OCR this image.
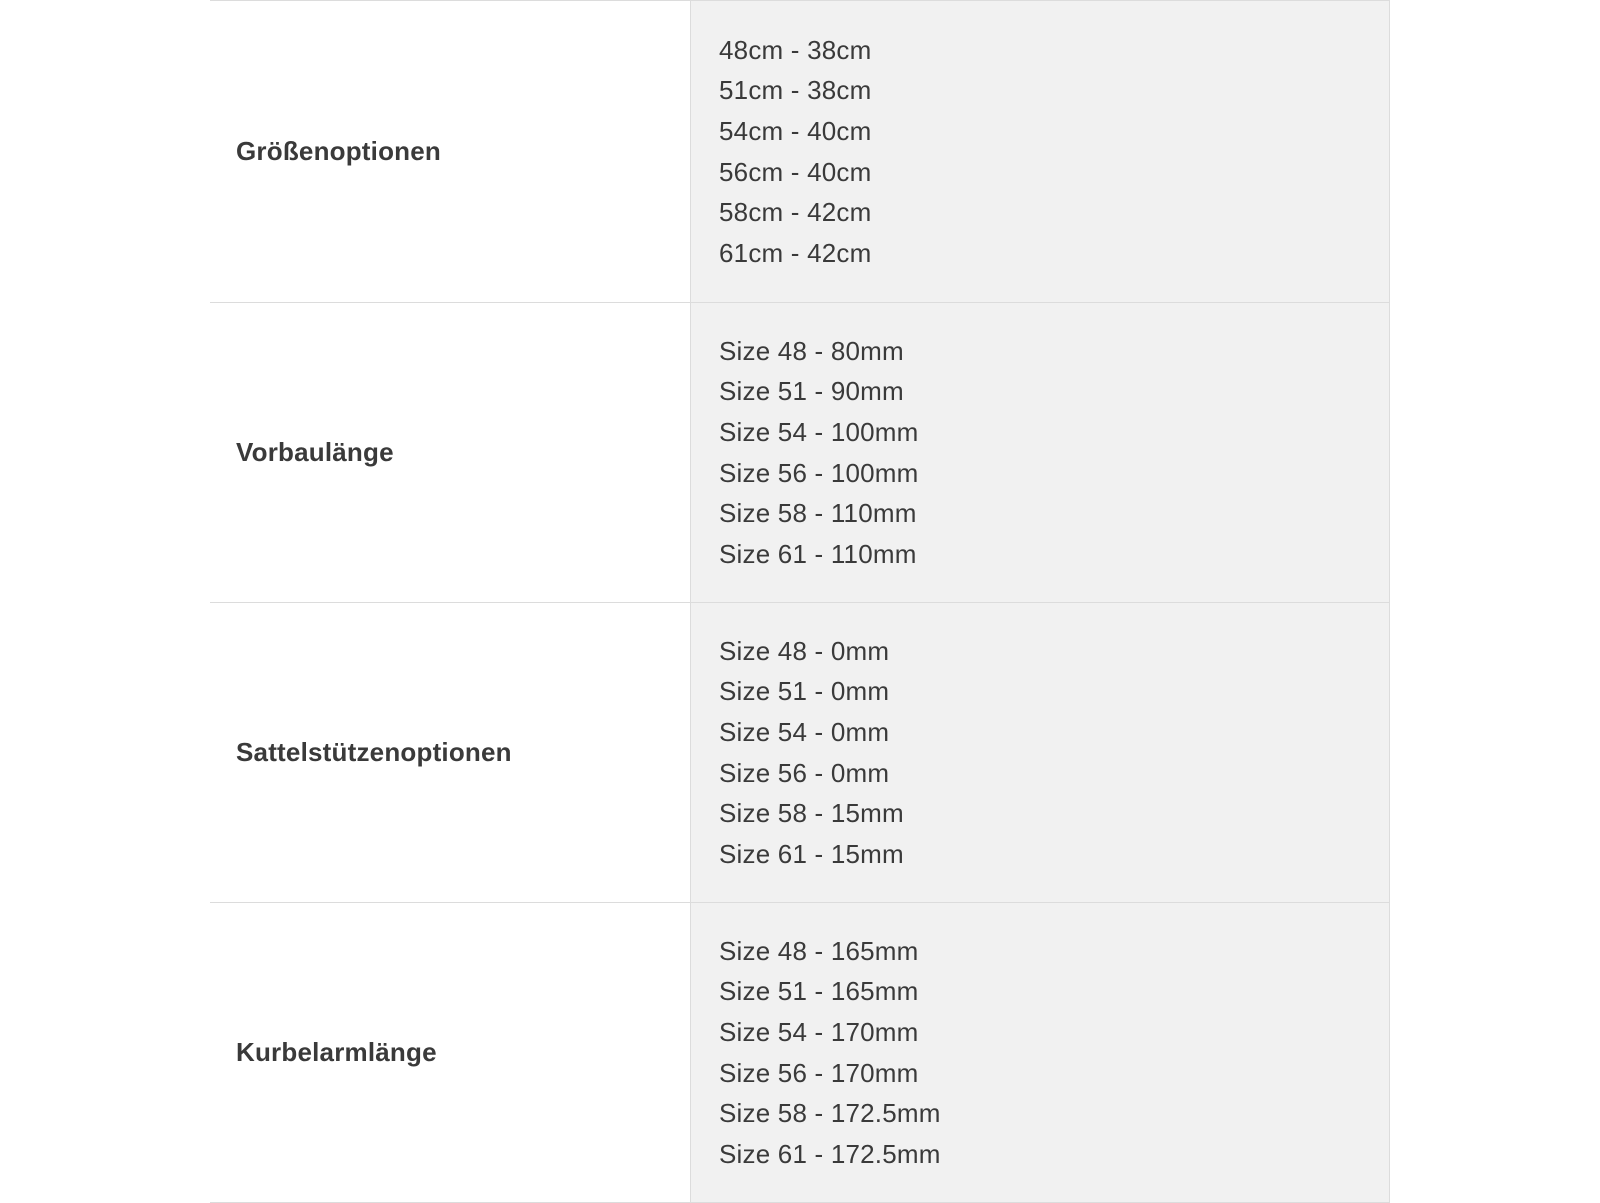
Größenoptionen
48cm - 38cm
51cm - 38cm
54cm - 40cm
56cm - 40cm
58cm - 42cm
61cm - 42cm
Vorbaulänge
Size 48 - 80mm
Size 51 - 90mm
Size 54 - 100mm
Size 56 - 100mm
Size 58 - 110mm
Size 61 - 110mm
Sattelstützenoptionen
Size 48 - 0mm
Size 51 - 0mm
Size 54 - 0mm
Size 56 - 0mm
Size 58 - 15mm
Size 61 - 15mm
Kurbelarmlänge
Size 48 - 165mm
Size 51 - 165mm
Size 54 - 170mm
Size 56 - 170mm
Size 58 - 172.5mm
Size 61 - 172.5mm
